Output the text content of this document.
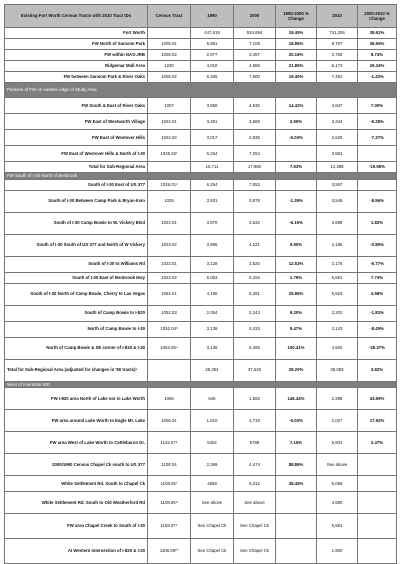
Existing Fort Worth Census Tracts with 2010 Tract IDs	Census Tract	1990	2000	1990-2000 % Change	2010	2000-2010 % Change
Fort Worth		447,619	534,694	19.45%	741,206	38.62%
FW North of Sansom Park	1005.01	5,981	7,109	18.86%	9,707	36.55%
FW within NAS-JRB	1006.02	2,877	3,457	20.16%	3,759	8.74%
Ridgemar Mall Area	1230	4,010	4,886	21.85%	6,173	26.34%
FW between Sansom Park & River Oaks	1005.02	6,365	7,600	19.40%	7,491	-1.43%
Portions of FW on eastern edge of Study Area						
FW South & East of River Oaks	1007	3,959	4,530	14.42%	4,847	7.00%
FW East of Westworth Village	1022.01	3,481	3,568	2.50%	3,344	-6.28%
FW East of Westover Hills	1022.02	3,017	2,835	-6.03%	2,626	-7.37%
FW East of Westover Hills & North of I-30	1026.02¹	6,254	7,053		3,581	
Total for Sub-Regional Area		16,711	17,986	7.63%	14,398	-19.95%
FW South of I-30 North of Benbrook						
South of I-30 East of US 377	1026.01²	6,254	7,053		3,557	
South of I-30 Between Camp Park & Bryan-Irvin	1025	3,931	3,878	-1.35%	3,546	-8.56%
South of I-30 Camp Bowie to W. Vickery Blvd	1024.01	3,870	3,632	-6.15%	3,698	1.82%
South of I-30 South of US 377 and North of W Vickery	1024.02	3,986	4,221	5.90%	4,185	-0.85%
South of I-30 to Williams Rd	1023.01	3,128	3,520	12.53%	3,176	-9.77%
South of I-30 East of Benbrook Hwy	1023.02	5,063	5,152	1.76%	5,551	7.74%
South of I-30 North of Camp Bowie, Cherry to Las Vegas	1052.01	4,196	5,281	25.86%	5,523	4.58%
South of Camp Bowie to I-820	1052.03	2,054	2,243	9.20%	2,202	-1.83%
North of Camp Bowie to I-30	1052.04³	3,136	3,433	9.47%	3,143	-8.45%
North of Camp Bowie & SE corner of I-820 & I-30	1052.05⁴	3,136	6,285	100.41%	4,502	-28.37%
Total for Sub-Regional Area (adjusted for changes in '90 tracts)⁵		29,364	37,645	28.20%	39,083	3.82%
West of Interstate 820						
FW I-820 area North of Lake not in Lake Worth	1066	646	1,592	146.44%	2,286	43.59%
FW area around Lake Worth to Eagle Mt. Lake	1006.01	1,810	1,719	-5.03%	2,027	17.92%
FW area West of Lake Worth to Cattlebaron Dr.	1142.07⁶	5402	5788	7.15%	5,931	2.47%
2000/1990 Census Chapel Ck south to US 377	1108.04	2,369	4,474	88.86%	See above	
White Settlement Rd. South to Chapel Ck	1108.05⁷	4559	6,312	38.45%	6,058	
White Settlement Rd. South to Old Weatherford Rd	1108.06⁸	See above	See above		4,580	
FW area Chapel Creek to South of I-30	1108.07⁹	See Chapel Ck	See Chapel Ck		5,581	
At Western Intersection of I-820 & I-20	1108.08¹⁰	See Chapel Ck	See Chapel Ck		1,900	
